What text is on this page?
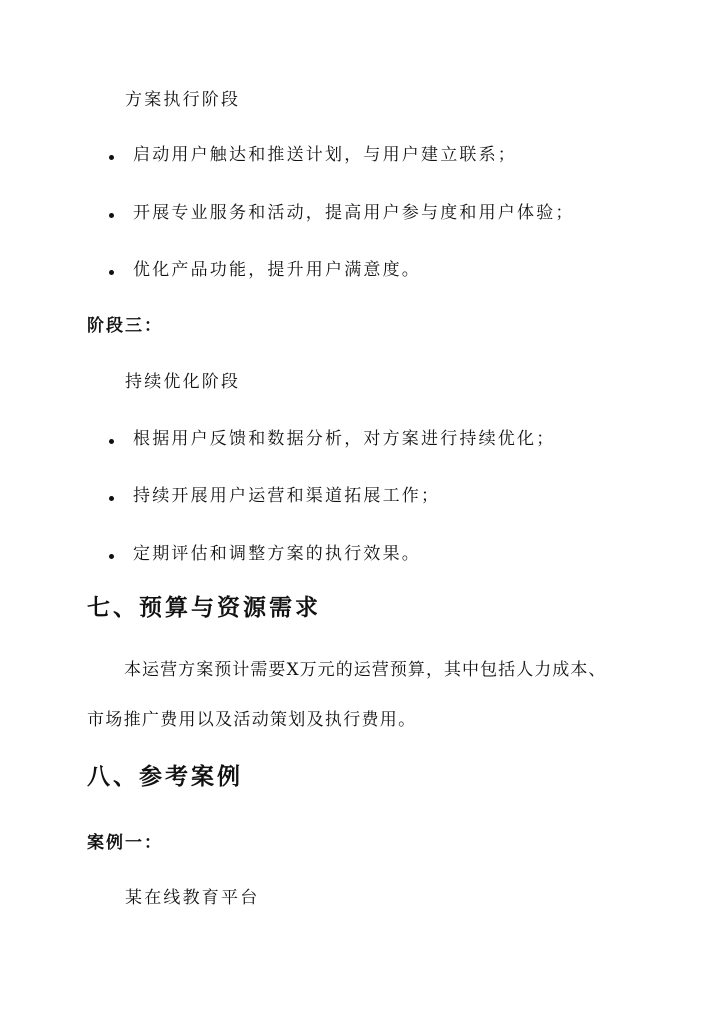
方案执行阶段
启动用户触达和推送计划，与用户建立联系；
开展专业服务和活动，提高用户参与度和用户体验；
优化产品功能，提升用户满意度。
阶段三：
持续优化阶段
根据用户反馈和数据分析，对方案进行持续优化；
持续开展用户运营和渠道拓展工作；
定期评估和调整方案的执行效果。
七、预算与资源需求
本运营方案预计需要X万元的运营预算，其中包括人力成本、
市场推广费用以及活动策划及执行费用。
八、参考案例
案例一：
某在线教育平台
